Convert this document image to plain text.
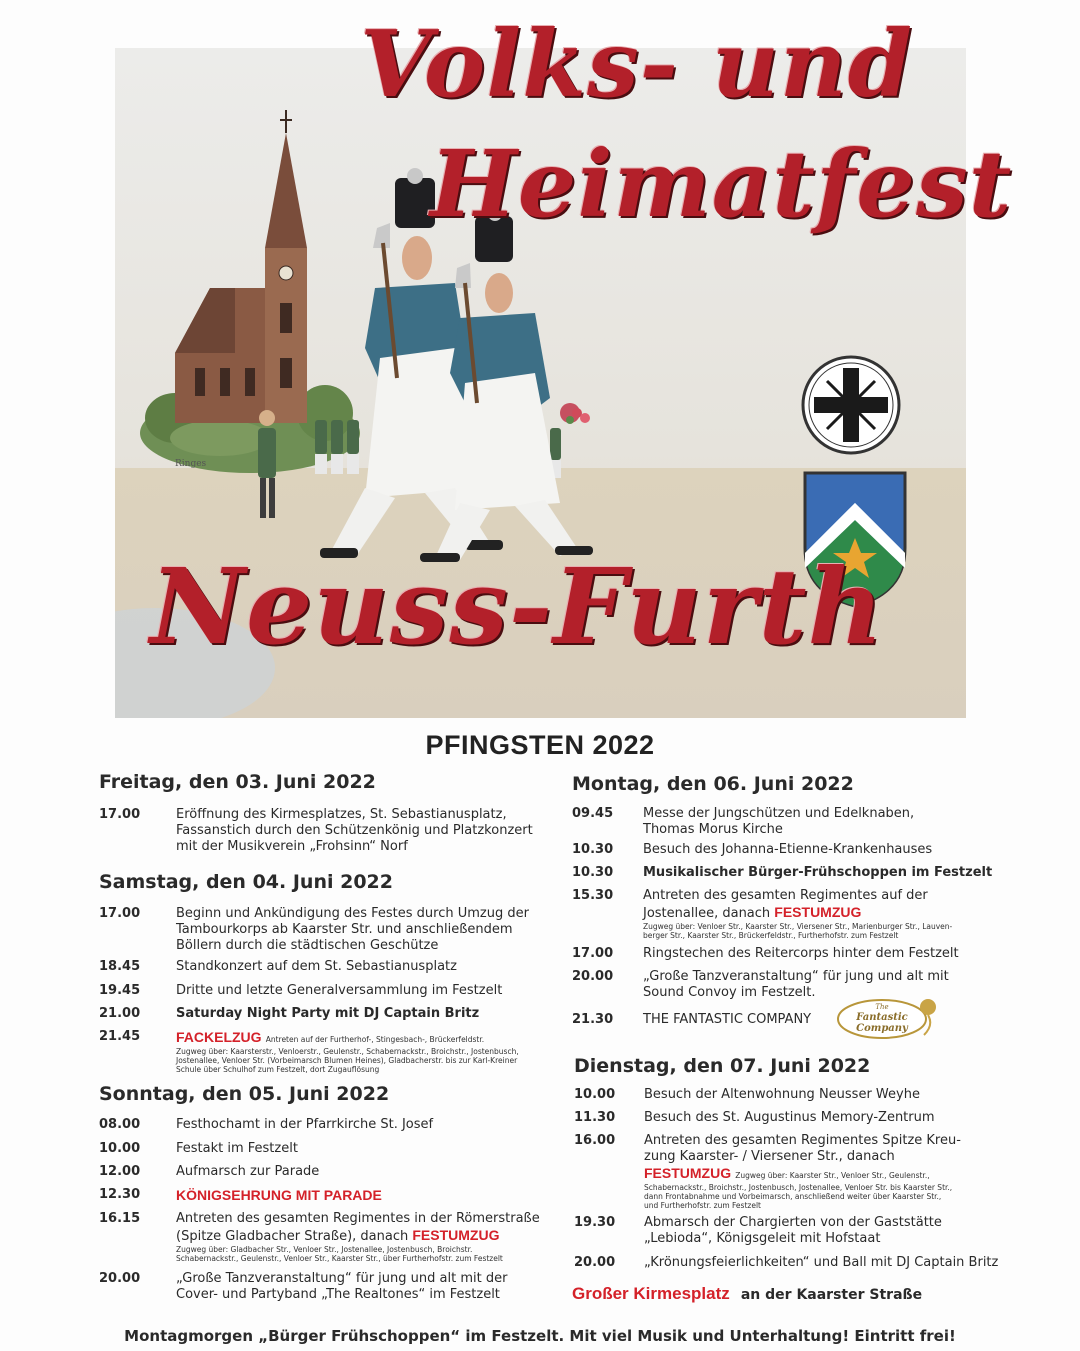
Ringes
Volks- und
Heimatfest
Neuss-Furth
PFINGSTEN 2022
Freitag, den 03. Juni 2022
17.00	Eröffnung des Kirmesplatzes, St. Sebastianusplatz,
Fassanstich durch den Schützenkönig und Platzkonzert
mit der Musikverein „Frohsinn“ Norf
Samstag, den 04. Juni 2022
17.00	Beginn und Ankündigung des Festes durch Umzug der
Tambourkorps ab Kaarster Str. und anschließendem
Böllern durch die städtischen Geschütze
18.45	Standkonzert auf dem St. Sebastianusplatz
19.45	Dritte und letzte Generalversammlung im Festzelt
21.00	Saturday Night Party mit DJ Captain Britz
21.45	FACKELZUG Antreten auf der Furtherhof-, Stingesbach-, Brückerfeldstr.
Zugweg über: Kaarsterstr., Venloerstr., Geulenstr., Schabernackstr., Broichstr., Jostenbusch,
Jostenallee, Venloer Str. (Vorbeimarsch Blumen Heines), Gladbacherstr. bis zur Karl-Kreiner
Schule über Schulhof zum Festzelt, dort Zugauflösung
Sonntag, den 05. Juni 2022
08.00	Festhochamt in der Pfarrkirche St. Josef
10.00	Festakt im Festzelt
12.00	Aufmarsch zur Parade
12.30	KÖNIGSEHRUNG MIT PARADE
16.15	Antreten des gesamten Regimentes in der Römerstraße
(Spitze Gladbacher Straße), danach FESTUMZUG
Zugweg über: Gladbacher Str., Venloer Str., Jostenallee, Jostenbusch, Broichstr.
Schabernackstr., Geulenstr., Venloer Str., Kaarster Str., über Furtherhofstr. zum Festzelt
20.00	„Große Tanzveranstaltung“ für jung und alt mit der
Cover- und Partyband „The Realtones“ im Festzelt
Montag, den 06. Juni 2022
09.45 Messe der Jungschützen und Edelknaben,
Thomas Morus Kirche
10.30 Besuch des Johanna-Etienne-Krankenhauses
10.30 Musikalischer Bürger-Frühschoppen im Festzelt
15.30 Antreten des gesamten Regimentes auf der
Jostenallee, danach FESTUMZUG
Zugweg über: Venloer Str., Kaarster Str., Viersener Str., Marienburger Str., Lauven-
berger Str., Kaarster Str., Brückerfeldstr., Furtherhofstr. zum Festzelt
17.00 Ringstechen des Reitercorps hinter dem Festzelt
20.00 „Große Tanzveranstaltung“ für jung und alt mit
Sound Convoy im Festzelt.
21.30 THE FANTASTIC COMPANY
The
Fantastic
Company
Dienstag, den 07. Juni 2022
10.00 Besuch der Altenwohnung Neusser Weyhe
11.30 Besuch des St. Augustinus Memory-Zentrum
16.00 Antreten des gesamten Regimentes Spitze Kreu-
zung Kaarster- / Viersener Str., danach
FESTUMZUG Zugweg über: Kaarster Str., Venloer Str., Geulenstr.,
Schabernackstr., Broichstr., Jostenbusch, Jostenallee, Venloer Str. bis Kaarster Str.,
dann Frontabnahme und Vorbeimarsch, anschließend weiter über Kaarster Str.,
und Furtherhofstr. zum Festzelt
19.30 Abmarsch der Chargierten von der Gaststätte
„Lebioda“, Königsgeleit mit Hofstaat
20.00 „Krönungsfeierlichkeiten“ und Ball mit DJ Captain Britz
Großer Kirmesplatz an der Kaarster Straße
Montagmorgen „Bürger Frühschoppen“ im Festzelt. Mit viel Musik und Unterhaltung! Eintritt frei!
